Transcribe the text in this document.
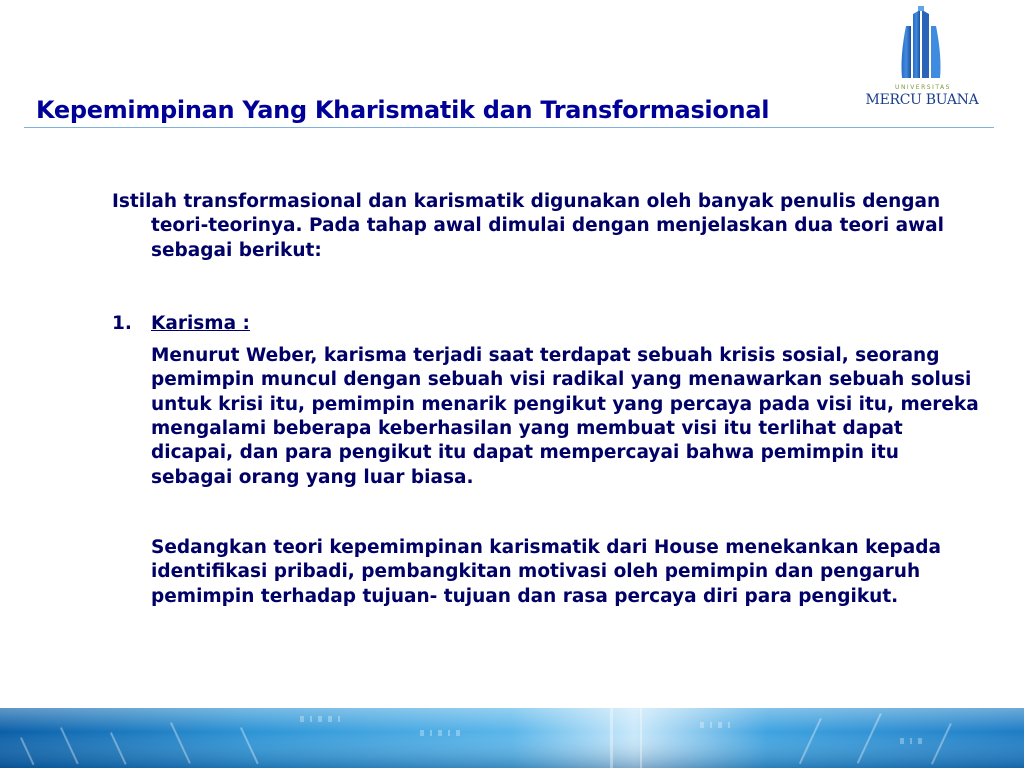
UNIVERSITAS
MERCU BUANA
Kepemimpinan Yang Kharismatik dan Transformasional

Istilah transformasional dan karismatik digunakan oleh banyak penulis dengan teori-teorinya. Pada tahap awal dimulai dengan menjelaskan dua teori awal sebagai berikut:

1. Karisma :

Menurut Weber, karisma terjadi saat terdapat sebuah krisis sosial, seorang pemimpin muncul dengan sebuah visi radikal yang menawarkan sebuah solusi untuk krisi itu, pemimpin menarik pengikut yang percaya pada visi itu, mereka mengalami beberapa keberhasilan yang membuat visi itu terlihat dapat dicapai, dan para pengikut itu dapat mempercayai bahwa pemimpin itu sebagai orang yang luar biasa.

Sedangkan teori kepemimpinan karismatik dari House menekankan kepada identifikasi pribadi, pembangkitan motivasi oleh pemimpin dan pengaruh pemimpin terhadap tujuan- tujuan dan rasa percaya diri para pengikut.
